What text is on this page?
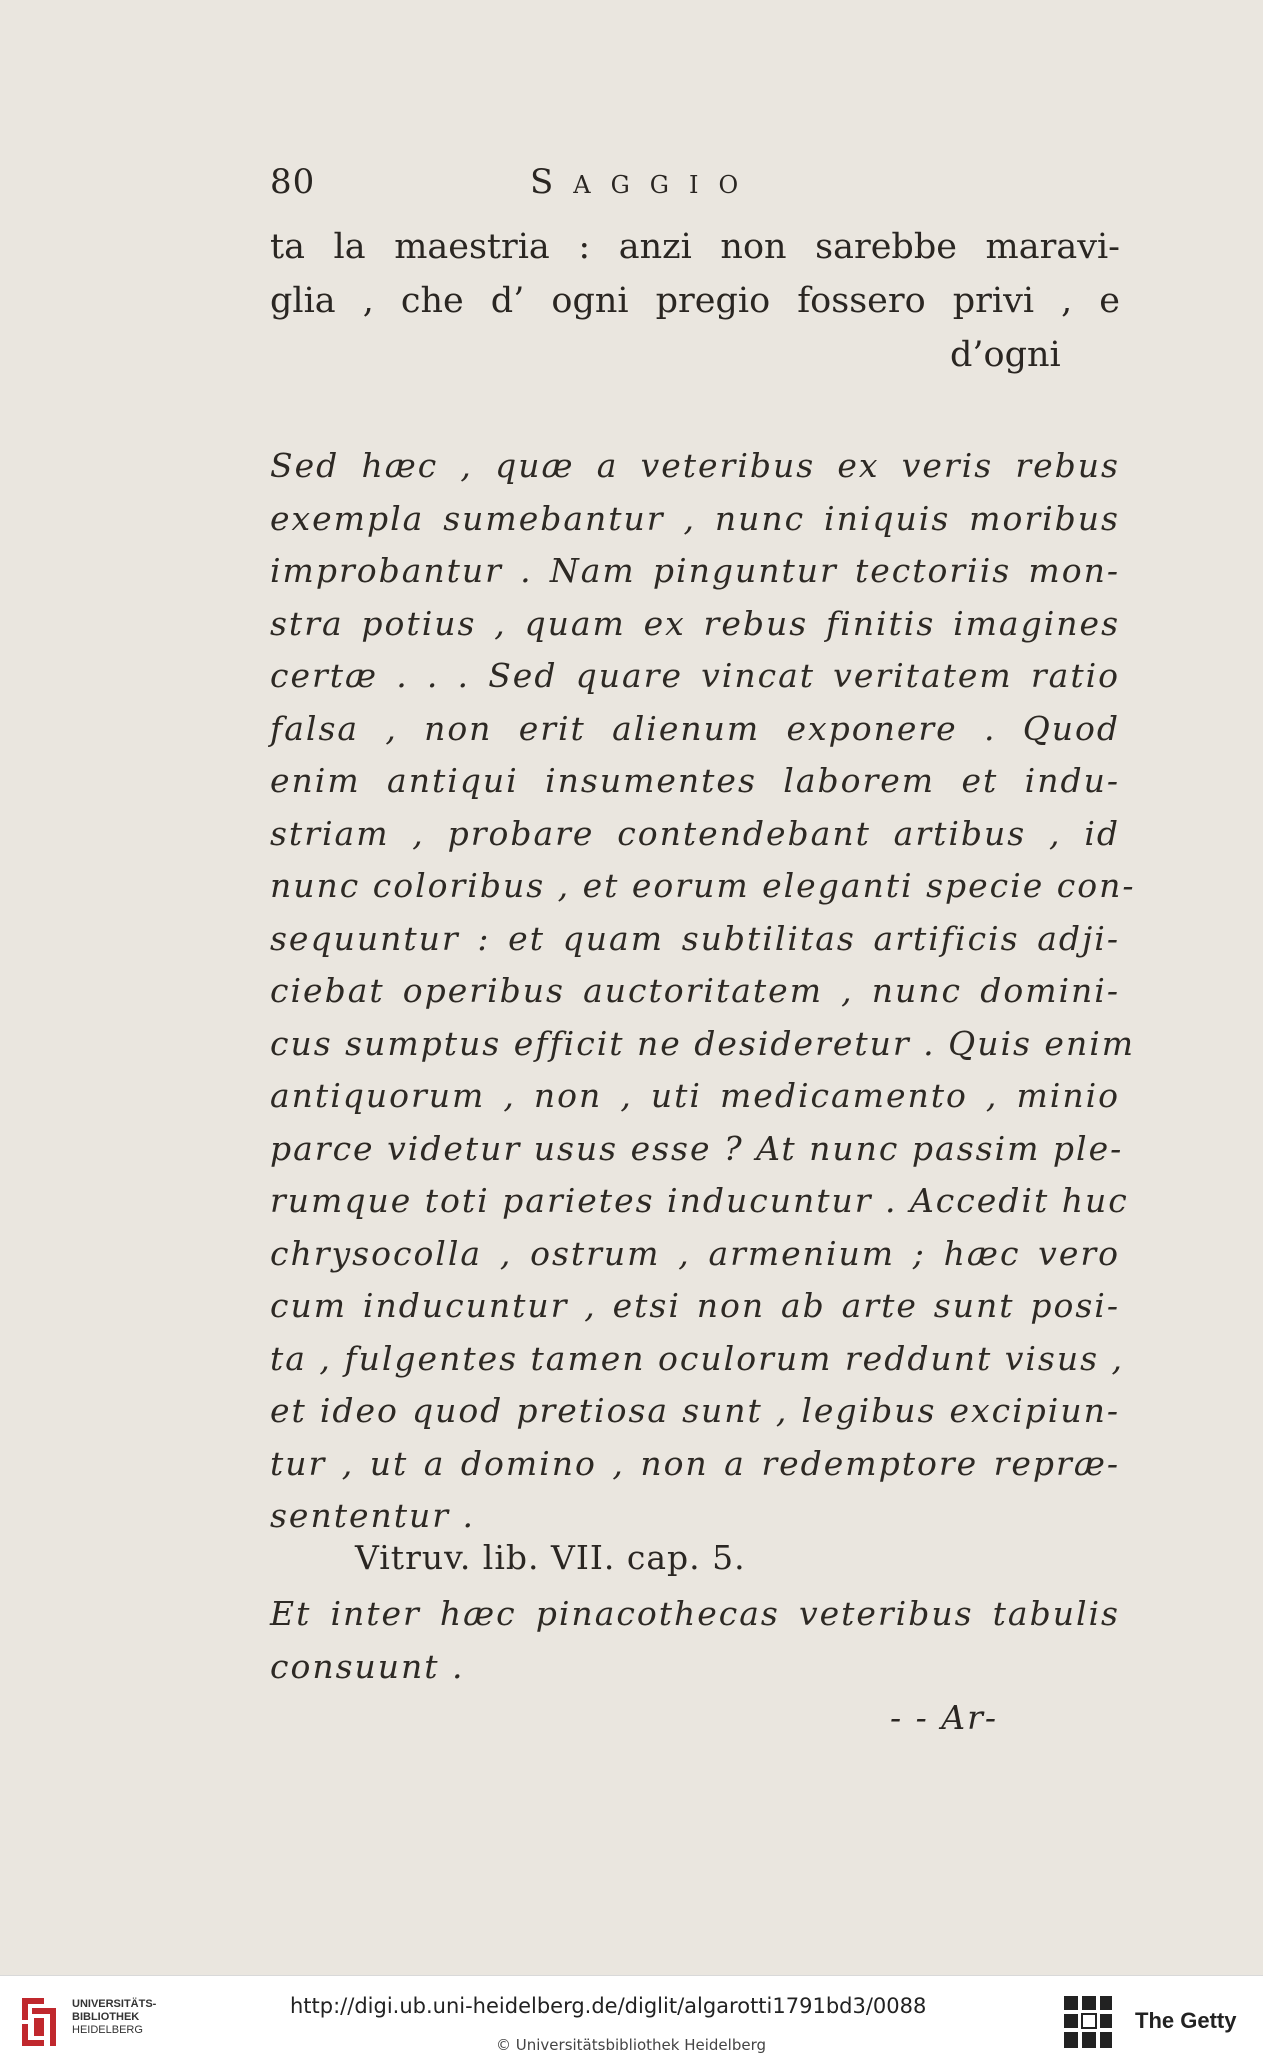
80	Saggio
ta la maestria : anzi non sarebbe maravi-
glia , che d’ ogni pregio fossero privi , e
d’ogni
Sed hæc , quæ a veteribus ex veris rebus
exempla sumebantur , nunc iniquis moribus
improbantur . Nam pinguntur tectoriis mon-
stra potius , quam ex rebus finitis imagines
certæ . . . Sed quare vincat veritatem ratio
falsa , non erit alienum exponere . Quod
enim antiqui insumentes laborem et indu-
striam , probare contendebant artibus , id
nunc coloribus , et eorum eleganti specie con-
sequuntur : et quam subtilitas artificis adji-
ciebat operibus auctoritatem , nunc domini-
cus sumptus efficit ne desideretur . Quis enim
antiquorum , non , uti medicamento , minio
parce videtur usus esse ? At nunc passim ple-
rumque toti parietes inducuntur . Accedit huc
chrysocolla , ostrum , armenium ; hæc vero
cum inducuntur , etsi non ab arte sunt posi-
ta , fulgentes tamen oculorum reddunt visus ,
et ideo quod pretiosa sunt , legibus excipiun-
tur , ut a domino , non a redemptore repræ-
sententur .
Vitruv. lib. VII. cap. 5.
Et inter hæc pinacothecas veteribus tabulis
consuunt .
- - Ar-
UNIVERSITÄTS-
BIBLIOTHEK
HEIDELBERG
http://digi.ub.uni-heidelberg.de/diglit/algarotti1791bd3/0088
© Universitätsbibliothek Heidelberg
The Getty
